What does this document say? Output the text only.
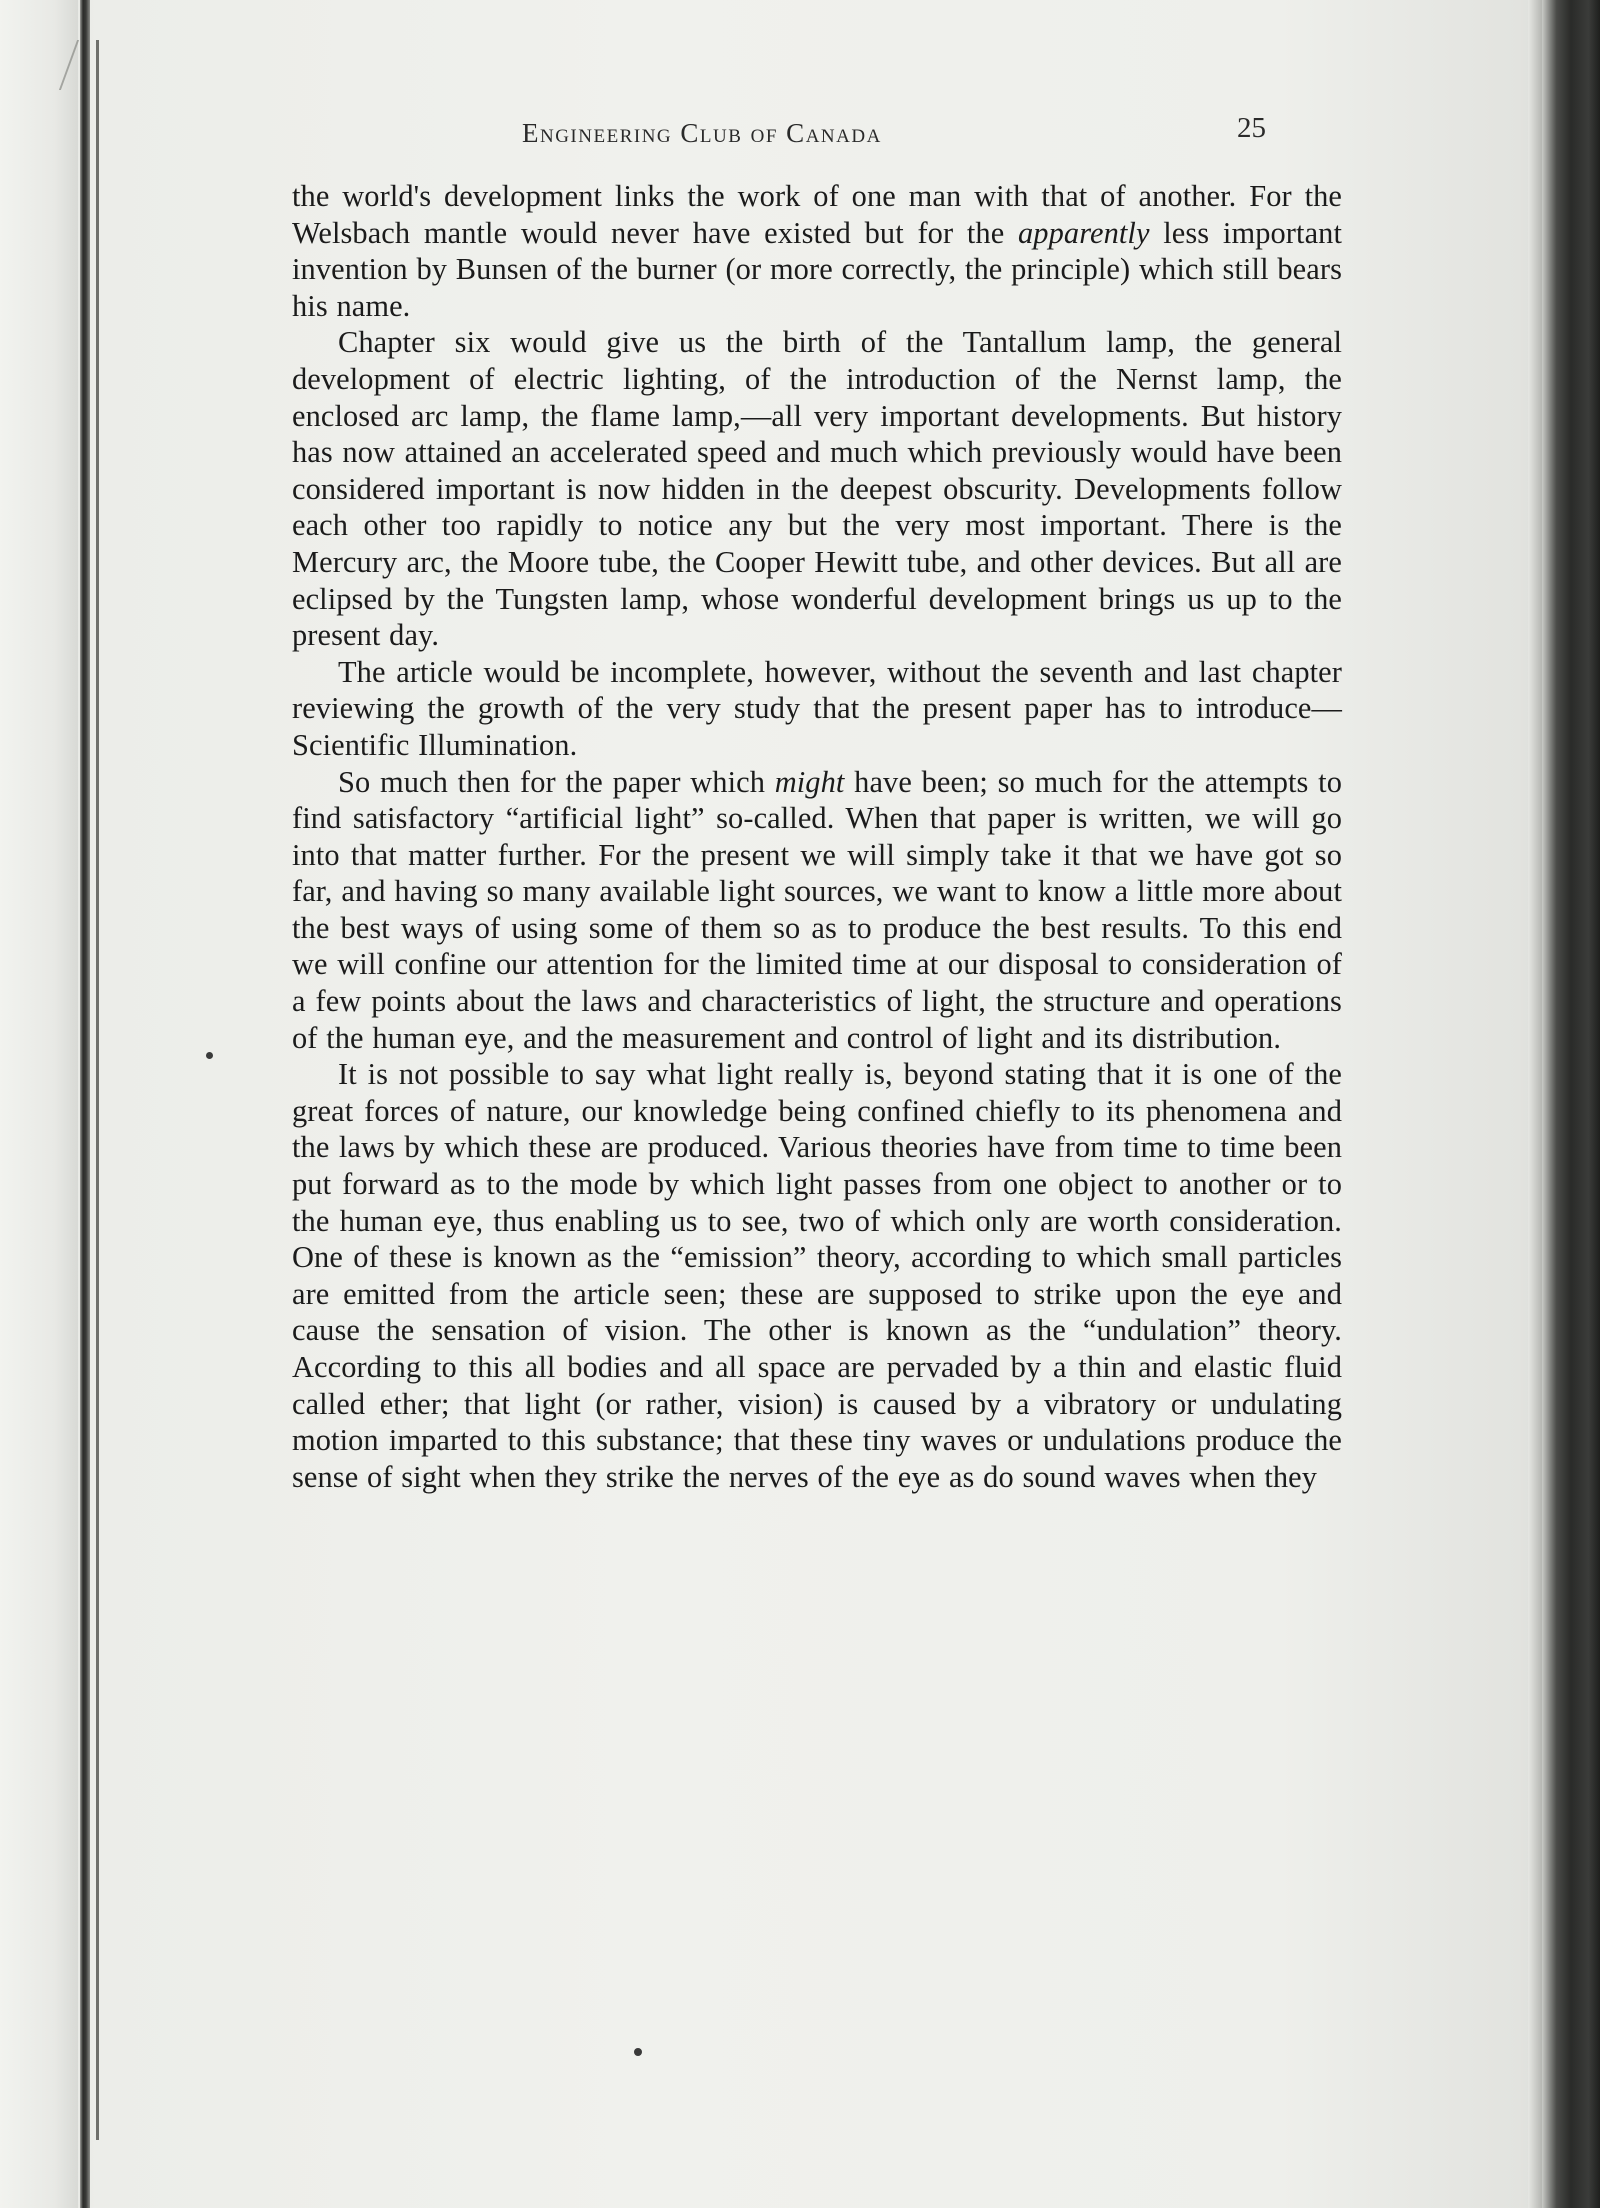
Engineering Club of Canada	25

the world's development links the work of one man with that of another. For the Welsbach mantle would never have existed but for the apparently less important invention by Bunsen of the burner (or more correctly, the principle) which still bears his name.

Chapter six would give us the birth of the Tantallum lamp, the general development of electric lighting, of the introduction of the Nernst lamp, the enclosed arc lamp, the flame lamp,—all very important developments. But history has now attained an accelerated speed and much which previously would have been considered important is now hidden in the deepest obscurity. Developments follow each other too rapidly to notice any but the very most important. There is the Mercury arc, the Moore tube, the Cooper Hewitt tube, and other devices. But all are eclipsed by the Tungsten lamp, whose wonderful development brings us up to the present day.

The article would be incomplete, however, without the seventh and last chapter reviewing the growth of the very study that the present paper has to introduce—Scientific Illumination.

So much then for the paper which might have been; so much for the attempts to find satisfactory “artificial light” so-called. When that paper is written, we will go into that matter further. For the present we will simply take it that we have got so far, and having so many available light sources, we want to know a little more about the best ways of using some of them so as to produce the best results. To this end we will confine our attention for the limited time at our disposal to consideration of a few points about the laws and characteristics of light, the structure and operations of the human eye, and the measurement and control of light and its distribution.

It is not possible to say what light really is, beyond stating that it is one of the great forces of nature, our knowledge being confined chiefly to its phenomena and the laws by which these are produced. Various theories have from time to time been put forward as to the mode by which light passes from one object to another or to the human eye, thus enabling us to see, two of which only are worth consideration. One of these is known as the “emission” theory, according to which small particles are emitted from the article seen; these are supposed to strike upon the eye and cause the sensation of vision. The other is known as the “undulation” theory. According to this all bodies and all space are pervaded by a thin and elastic fluid called ether; that light (or rather, vision) is caused by a vibratory or undulating motion imparted to this substance; that these tiny waves or undulations produce the sense of sight when they strike the nerves of the eye as do sound waves when they
